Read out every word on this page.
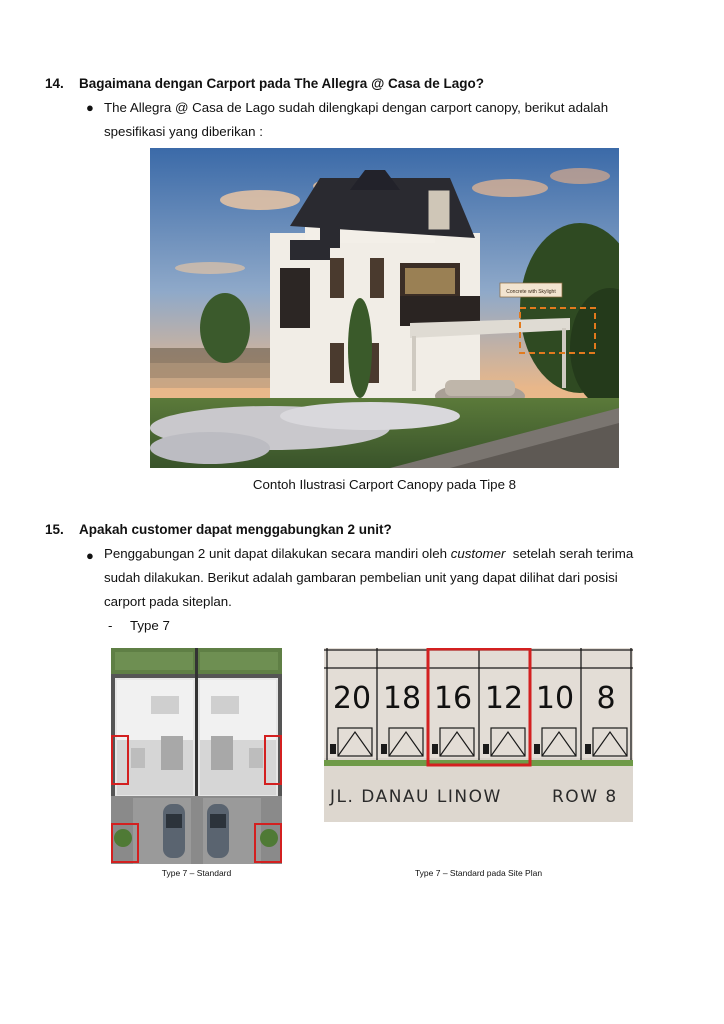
14. Bagaimana dengan Carport pada The Allegra @ Casa de Lago?
● The Allegra @ Casa de Lago sudah dilengkapi dengan carport canopy, berikut adalah
spesifikasi yang diberikan :
Concrete with Skylight
Contoh Ilustrasi Carport Canopy pada Tipe 8
15. Apakah customer dapat menggabungkan 2 unit?
● Penggabungan 2 unit dapat dilakukan secara mandiri oleh customer  setelah serah terima
sudah dilakukan. Berikut adalah gambaran pembelian unit yang dapat dilihat dari posisi
carport pada siteplan.
- Type 7
20 18 16 12 10 8
JL. DANAU LINOW	ROW 8
Type 7 – Standard	Type 7 – Standard pada Site Plan
